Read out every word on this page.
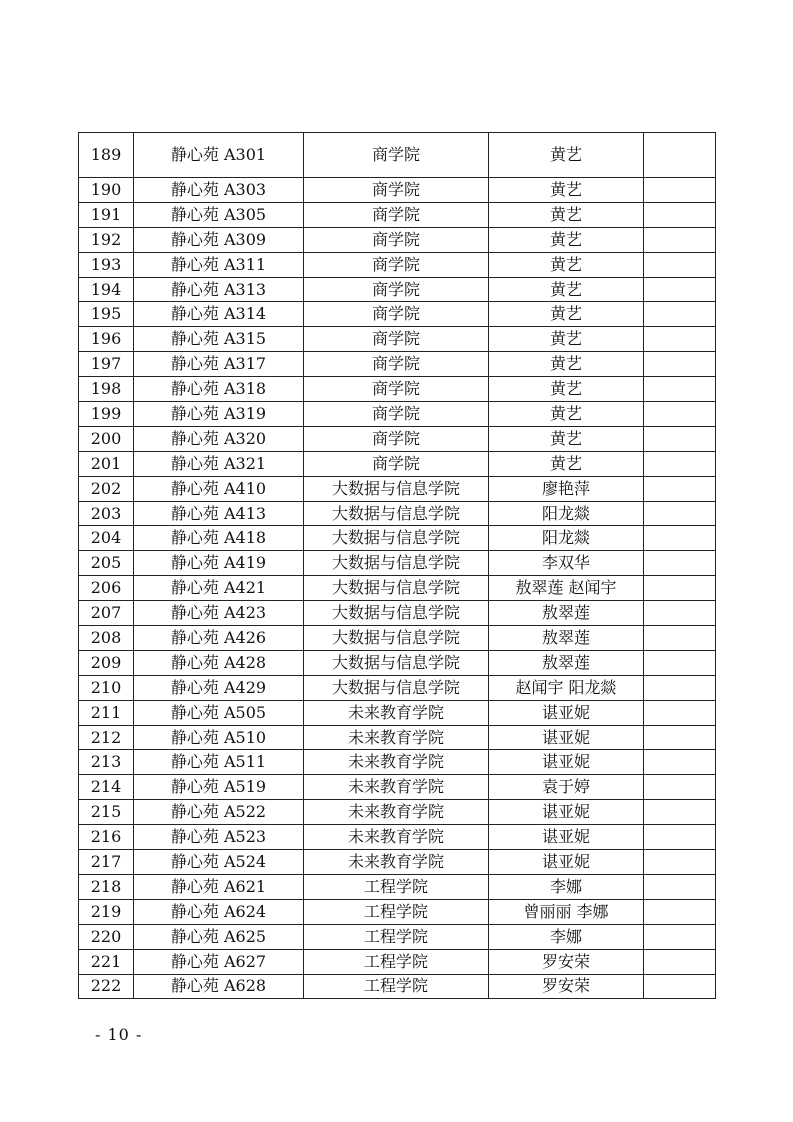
189	静心苑 A301	商学院	黄艺	
190	静心苑 A303	商学院	黄艺	
191	静心苑 A305	商学院	黄艺	
192	静心苑 A309	商学院	黄艺	
193	静心苑 A311	商学院	黄艺	
194	静心苑 A313	商学院	黄艺	
195	静心苑 A314	商学院	黄艺	
196	静心苑 A315	商学院	黄艺	
197	静心苑 A317	商学院	黄艺	
198	静心苑 A318	商学院	黄艺	
199	静心苑 A319	商学院	黄艺	
200	静心苑 A320	商学院	黄艺	
201	静心苑 A321	商学院	黄艺	
202	静心苑 A410	大数据与信息学院	廖艳萍	
203	静心苑 A413	大数据与信息学院	阳龙燚	
204	静心苑 A418	大数据与信息学院	阳龙燚	
205	静心苑 A419	大数据与信息学院	李双华	
206	静心苑 A421	大数据与信息学院	敖翠莲 赵闻宇	
207	静心苑 A423	大数据与信息学院	敖翠莲	
208	静心苑 A426	大数据与信息学院	敖翠莲	
209	静心苑 A428	大数据与信息学院	敖翠莲	
210	静心苑 A429	大数据与信息学院	赵闻宇 阳龙燚	
211	静心苑 A505	未来教育学院	谌亚妮	
212	静心苑 A510	未来教育学院	谌亚妮	
213	静心苑 A511	未来教育学院	谌亚妮	
214	静心苑 A519	未来教育学院	袁于婷	
215	静心苑 A522	未来教育学院	谌亚妮	
216	静心苑 A523	未来教育学院	谌亚妮	
217	静心苑 A524	未来教育学院	谌亚妮	
218	静心苑 A621	工程学院	李娜	
219	静心苑 A624	工程学院	曾丽丽 李娜	
220	静心苑 A625	工程学院	李娜	
221	静心苑 A627	工程学院	罗安荣	
222	静心苑 A628	工程学院	罗安荣	
- 10 -
